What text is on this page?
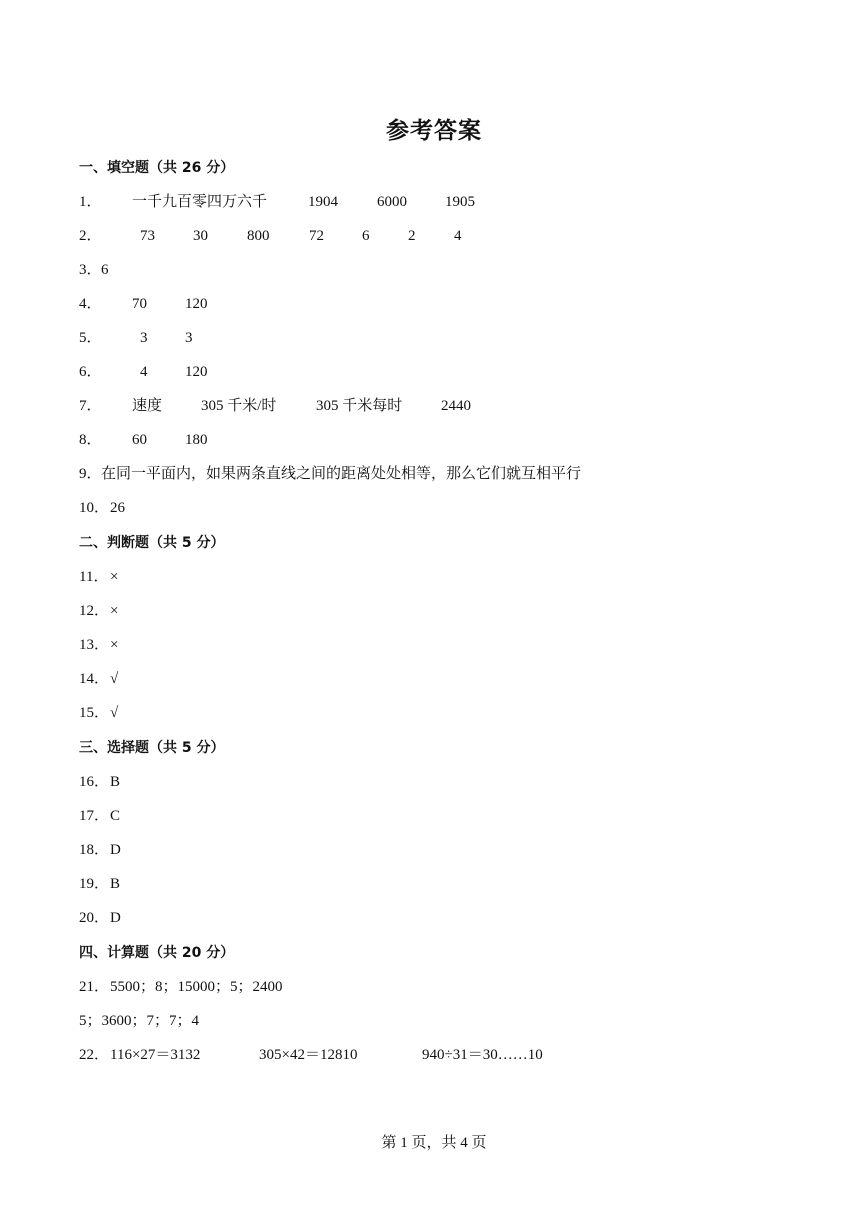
参考答案
一、填空题（共 26 分）
1． 一千九百零四万六千	1904	6000	1905
2．	73	30	800	72	6	2	4
3． 6
4． 70	120
5．	3	3
6．	4	120
7． 速度	305 千米/时	305 千米每时	2440
8． 60	180
9． 在同一平面内，如果两条直线之间的距离处处相等，那么它们就互相平行
10． 26
二、判断题（共 5 分）
11． ×
12． ×
13． ×
14． √
15． √
三、选择题（共 5 分）
16． B
17． C
18． D
19． B
20． D
四、计算题（共 20 分）
21． 5500；8；15000；5；2400
5；3600；7；7；4
22． 116×27＝3132	305×42＝12810	940÷31＝30……10
第 1 页，共 4 页
